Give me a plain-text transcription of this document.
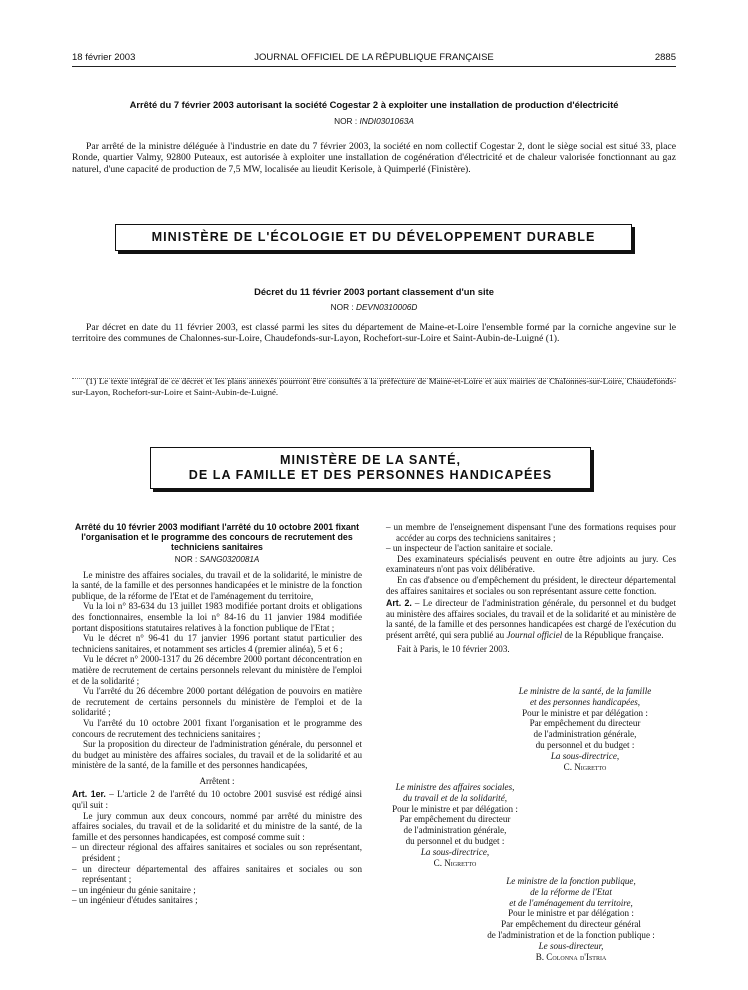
18 février 2003	JOURNAL OFFICIEL DE LA RÉPUBLIQUE FRANÇAISE	2885
Arrêté du 7 février 2003 autorisant la société Cogestar 2 à exploiter une installation de production d'électricité
NOR : INDI0301063A
Par arrêté de la ministre déléguée à l'industrie en date du 7 février 2003, la société en nom collectif Cogestar 2, dont le siège social est situé 33, place Ronde, quartier Valmy, 92800 Puteaux, est autorisée à exploiter une installation de cogénération d'électricité et de chaleur valorisée fonctionnant au gaz naturel, d'une capacité de production de 7,5 MW, localisée au lieudit Kerisole, à Quimperlé (Finistère).
MINISTÈRE DE L'ÉCOLOGIE ET DU DÉVELOPPEMENT DURABLE
Décret du 11 février 2003 portant classement d'un site
NOR : DEVN0310006D
Par décret en date du 11 février 2003, est classé parmi les sites du département de Maine-et-Loire l'ensemble formé par la corniche angevine sur le territoire des communes de Chalonnes-sur-Loire, Chaudefonds-sur-Layon, Rochefort-sur-Loire et Saint-Aubin-de-Luigné (1).
(1) Le texte intégral de ce décret et les plans annexés pourront être consultés à la préfecture de Maine-et-Loire et aux mairies de Chalonnes-sur-Loire, Chaudefonds-sur-Layon, Rochefort-sur-Loire et Saint-Aubin-de-Luigné.
MINISTÈRE DE LA SANTÉ,
DE LA FAMILLE ET DES PERSONNES HANDICAPÉES
Arrêté du 10 février 2003 modifiant l'arrêté du 10 octobre 2001 fixant l'organisation et le programme des concours de recrutement des techniciens sanitaires
NOR : SANG0320081A

Le ministre des affaires sociales, du travail et de la solidarité, le ministre de la santé, de la famille et des personnes handicapées et le ministre de la fonction publique, de la réforme de l'Etat et de l'aménagement du territoire,

Vu la loi n° 83-634 du 13 juillet 1983 modifiée portant droits et obligations des fonctionnaires, ensemble la loi n° 84-16 du 11 janvier 1984 modifiée portant dispositions statutaires relatives à la fonction publique de l'Etat ;

Vu le décret n° 96-41 du 17 janvier 1996 portant statut particulier des techniciens sanitaires, et notamment ses articles 4 (premier alinéa), 5 et 6 ;

Vu le décret n° 2000-1317 du 26 décembre 2000 portant déconcentration en matière de recrutement de certains personnels relevant du ministère de l'emploi et de la solidarité ;

Vu l'arrêté du 26 décembre 2000 portant délégation de pouvoirs en matière de recrutement de certains personnels du ministère de l'emploi et de la solidarité ;

Vu l'arrêté du 10 octobre 2001 fixant l'organisation et le programme des concours de recrutement des techniciens sanitaires ;

Sur la proposition du directeur de l'administration générale, du personnel et du budget au ministère des affaires sociales, du travail et de la solidarité et au ministère de la santé, de la famille et des personnes handicapées,

Arrêtent :

Art. 1er. – L'article 2 de l'arrêté du 10 octobre 2001 susvisé est rédigé ainsi qu'il suit :

Le jury commun aux deux concours, nommé par arrêté du ministre des affaires sociales, du travail et de la solidarité et du ministre de la santé, de la famille et des personnes handicapées, est composé comme suit :

– un directeur régional des affaires sanitaires et sociales ou son représentant, président ;

– un directeur départemental des affaires sanitaires et sociales ou son représentant ;

– un ingénieur du génie sanitaire ;

– un ingénieur d'études sanitaires ;

– un membre de l'enseignement dispensant l'une des formations requises pour accéder au corps des techniciens sanitaires ;

– un inspecteur de l'action sanitaire et sociale.

Des examinateurs spécialisés peuvent en outre être adjoints au jury. Ces examinateurs n'ont pas voix délibérative.

En cas d'absence ou d'empêchement du président, le directeur départemental des affaires sanitaires et sociales ou son représentant assure cette fonction.

Art. 2. – Le directeur de l'administration générale, du personnel et du budget au ministère des affaires sociales, du travail et de la solidarité et au ministère de la santé, de la famille et des personnes handicapées est chargé de l'exécution du présent arrêté, qui sera publié au Journal officiel de la République française.

Fait à Paris, le 10 février 2003.

Le ministre de la santé, de la famille
et des personnes handicapées,
Pour le ministre et par délégation :
Par empêchement du directeur
de l'administration générale,
du personnel et du budget :
La sous-directrice,
C. Nigretto
Le ministre des affaires sociales,
du travail et de la solidarité,
Pour le ministre et par délégation :
Par empêchement du directeur
de l'administration générale,
du personnel et du budget :
La sous-directrice,
C. Nigretto
Le ministre de la fonction publique,
de la réforme de l'Etat
et de l'aménagement du territoire,
Pour le ministre et par délégation :
Par empêchement du directeur général
de l'administration et de la fonction publique :
Le sous-directeur,
B. Colonna d'Istria
